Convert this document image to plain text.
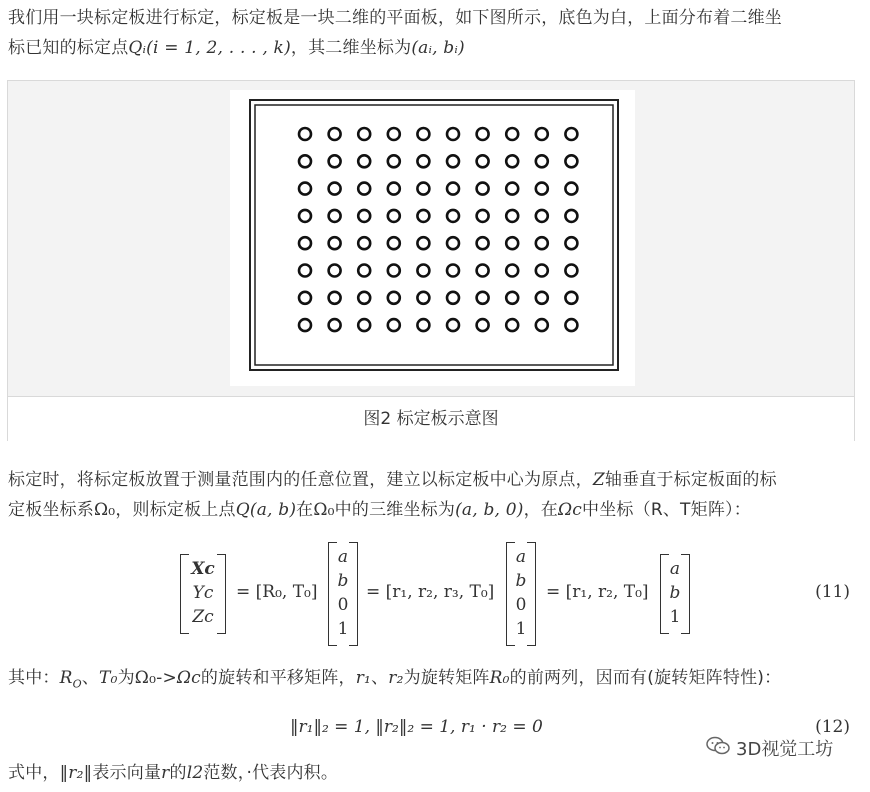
我们用一块标定板进行标定，标定板是一块二维的平面板，如下图所示，底色为白，上面分布着二维坐
标已知的标定点Qᵢ(i = 1, 2, . . . , k)，其二维坐标为(aᵢ, bᵢ)
图2 标定板示意图
标定时，将标定板放置于测量范围内的任意位置，建立以标定板中心为原点，Z轴垂直于标定板面的标
定板坐标系Ω₀，则标定板上点Q(a, b)在Ω₀中的三维坐标为(a, b, 0)，在Ωc中坐标（R、T矩阵）：
Xc
Yc
Zc
= [R₀, T₀]
a
b
0
1
= [r₁, r₂, r₃, T₀]
a
b
0
1
= [r₁, r₂, T₀]
a
b
1
(11)
其中：$R_O$、T₀为Ω₀->Ωc的旋转和平移矩阵，r₁、r₂为旋转矩阵R₀的前两列，因而有(旋转矩阵特性)：
‖r₁‖₂ = 1, ‖r₂‖₂ = 1, r₁ · r₂ = 0	(12)
式中，‖r₂‖表示向量r的l2范数，·代表内积。
3D视觉工坊
